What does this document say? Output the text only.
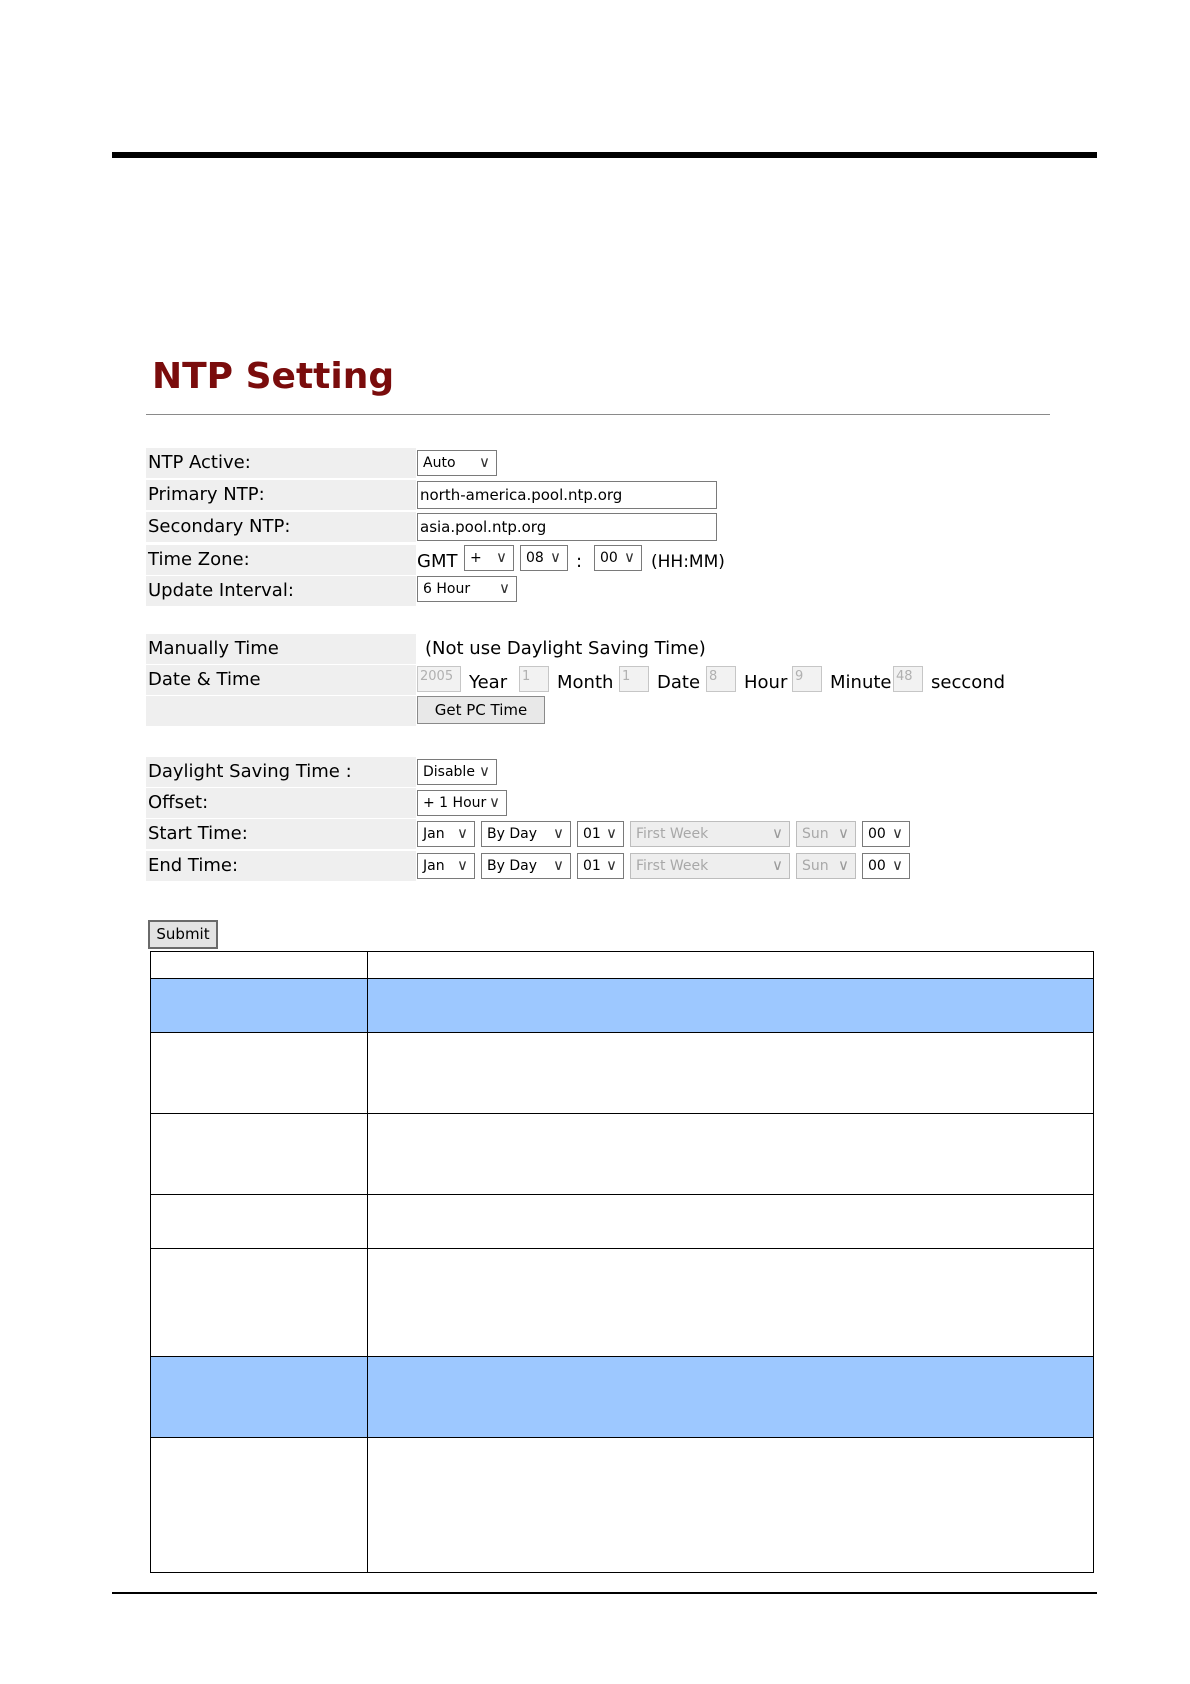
NTP Setting
NTP Active:	Auto ∨
Primary NTP:	north-america.pool.ntp.org
Secondary NTP:	asia.pool.ntp.org
Time Zone:	GMT + ∨	08 ∨ :	00 ∨ (HH:MM)
Update Interval:	6 Hour ∨
Manually Time	(Not use Daylight Saving Time)
Date & Time	2005 Year 1	Month 1	Date 8	Hour 9	Minute 48	seccond
Get PC Time
Daylight Saving Time :	Disable ∨
Offset:	+ 1 Hour ∨
Start Time:	Jan ∨	By Day ∨	01 ∨	First Week	∨	Sun ∨	00 ∨
End Time:	Jan ∨	By Day ∨	01 ∨	First Week	∨	Sun ∨	00 ∨
Submit
